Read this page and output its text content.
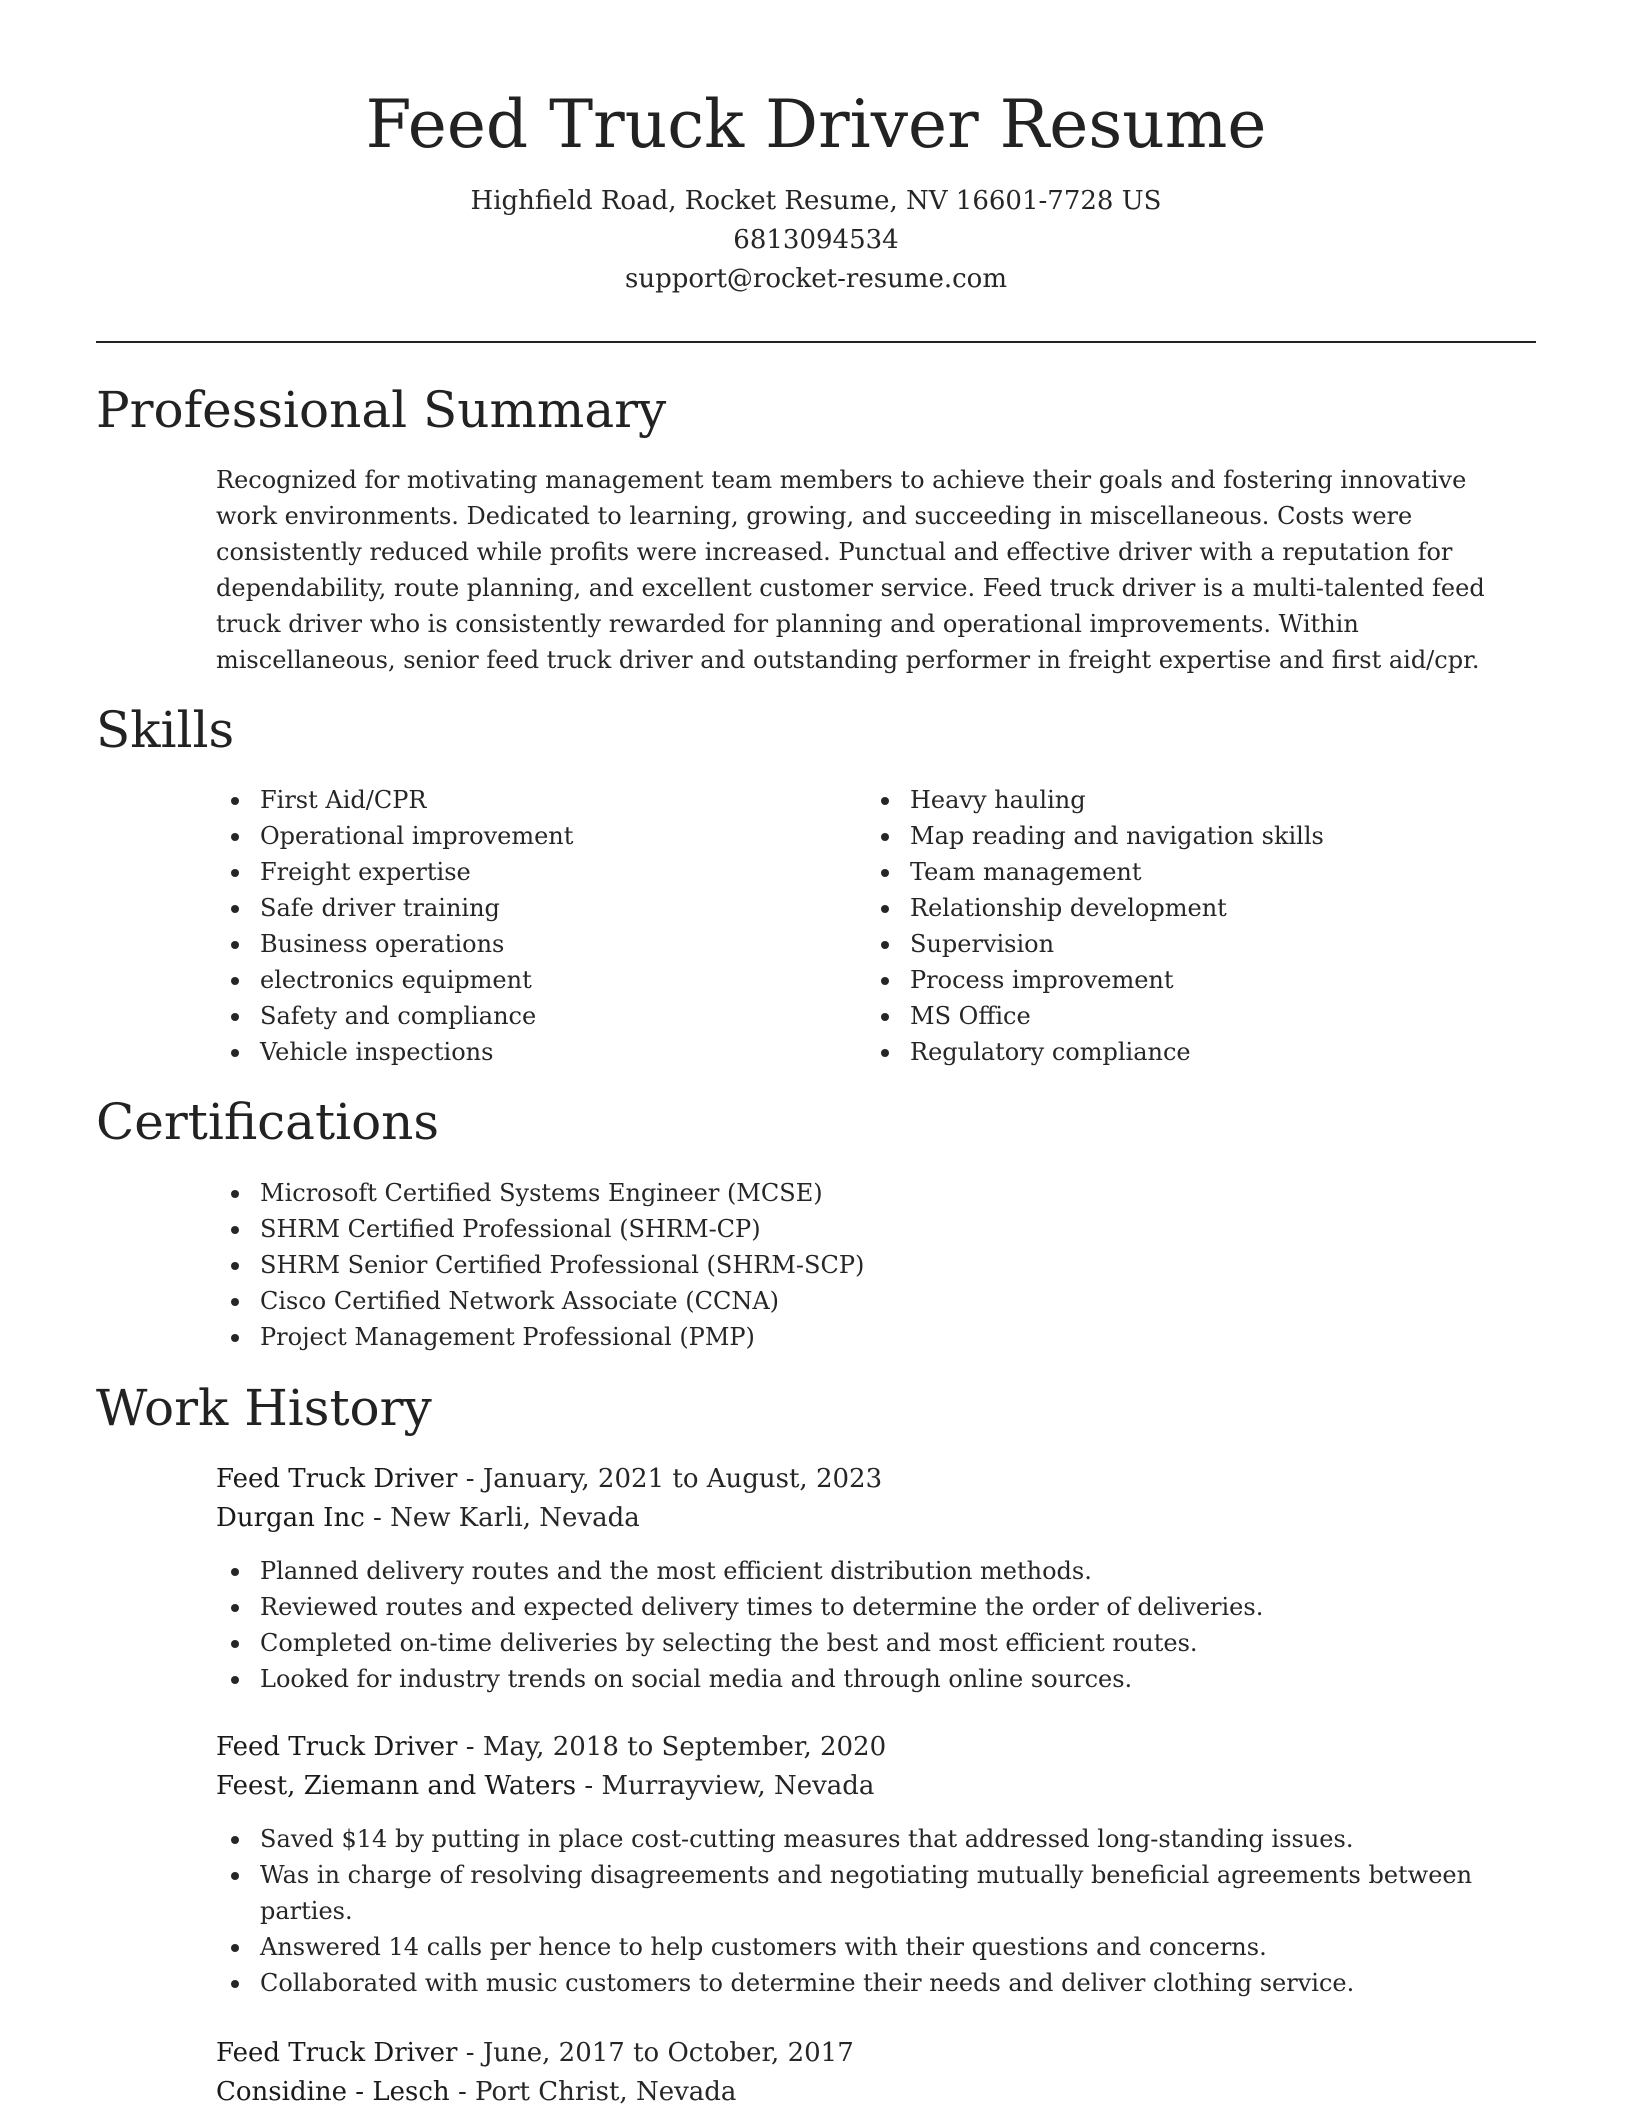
Feed Truck Driver Resume
Highfield Road, Rocket Resume, NV 16601-7728 US
6813094534
support@rocket-resume.com
Professional Summary

Recognized for motivating management team members to achieve their goals and fostering innovative work environments. Dedicated to learning, growing, and succeeding in miscellaneous. Costs were consistently reduced while profits were increased. Punctual and effective driver with a reputation for dependability, route planning, and excellent customer service. Feed truck driver is a multi-talented feed truck driver who is consistently rewarded for planning and operational improvements. Within miscellaneous, senior feed truck driver and outstanding performer in freight expertise and first aid/cpr.

Skills
First Aid/CPR
Operational improvement
Freight expertise
Safe driver training
Business operations
electronics equipment
Safety and compliance
Vehicle inspections
Heavy hauling
Map reading and navigation skills
Team management
Relationship development
Supervision
Process improvement
MS Office
Regulatory compliance
Certifications
Microsoft Certified Systems Engineer (MCSE)
SHRM Certified Professional (SHRM-CP)
SHRM Senior Certified Professional (SHRM-SCP)
Cisco Certified Network Associate (CCNA)
Project Management Professional (PMP)
Work History
Feed Truck Driver - January, 2021 to August, 2023
Durgan Inc - New Karli, Nevada
Planned delivery routes and the most efficient distribution methods.
Reviewed routes and expected delivery times to determine the order of deliveries.
Completed on-time deliveries by selecting the best and most efficient routes.
Looked for industry trends on social media and through online sources.
Feed Truck Driver - May, 2018 to September, 2020
Feest, Ziemann and Waters - Murrayview, Nevada
Saved $14 by putting in place cost-cutting measures that addressed long-standing issues.
Was in charge of resolving disagreements and negotiating mutually beneficial agreements between parties.
Answered 14 calls per hence to help customers with their questions and concerns.
Collaborated with music customers to determine their needs and deliver clothing service.
Feed Truck Driver - June, 2017 to October, 2017
Considine - Lesch - Port Christ, Nevada
